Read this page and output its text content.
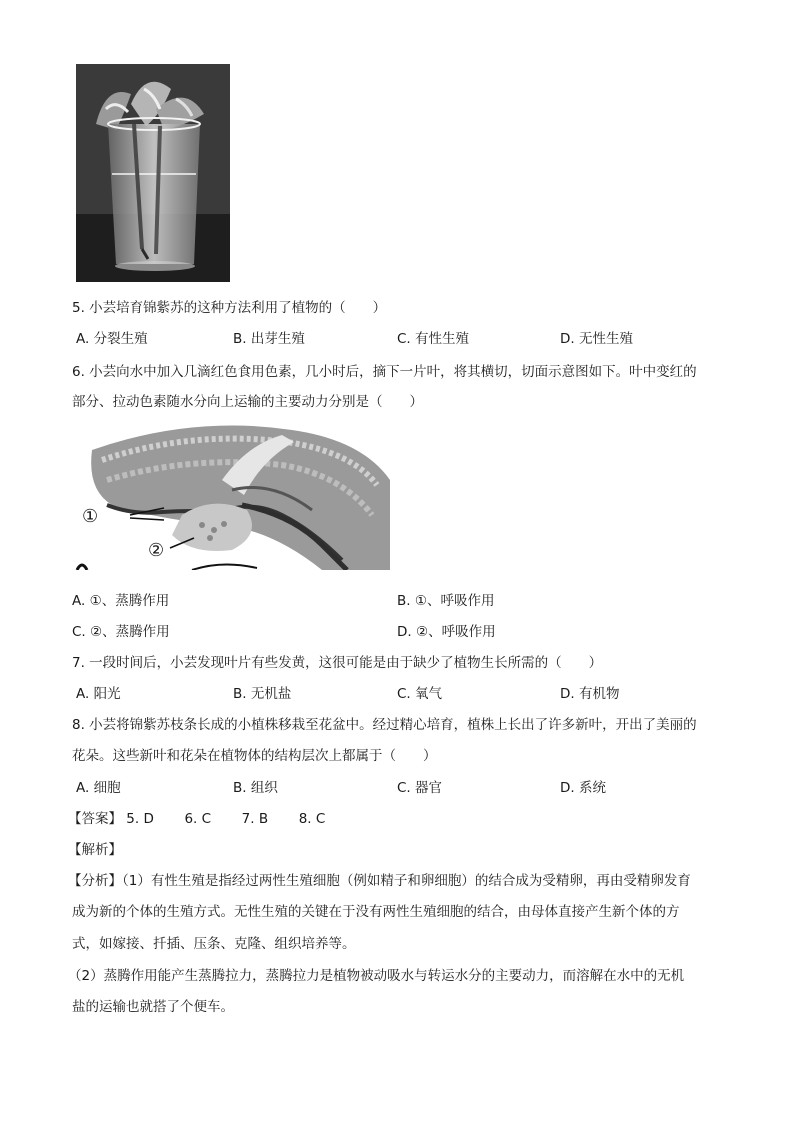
5. 小芸培育锦紫苏的这种方法利用了植物的（　　）
A. 分裂生殖	B. 出芽生殖	C. 有性生殖	D. 无性生殖
6. 小芸向水中加入几滴红色食用色素，几小时后，摘下一片叶，将其横切，切面示意图如下。叶中变红的
部分、拉动色素随水分向上运输的主要动力分别是（　　）
①
②
A. ①、蒸腾作用	B. ①、呼吸作用
C. ②、蒸腾作用	D. ②、呼吸作用
7. 一段时间后，小芸发现叶片有些发黄，这很可能是由于缺少了植物生长所需的（　　）
A. 阳光	B. 无机盐	C. 氧气	D. 有机物
8. 小芸将锦紫苏枝条长成的小植株移栽至花盆中。经过精心培育，植株上长出了许多新叶，开出了美丽的
花朵。这些新叶和花朵在植物体的结构层次上都属于（　　）
A. 细胞	B. 组织	C. 器官	D. 系统
【答案】 5. D 6. C 7. B 8. C
【解析】
【分析】（1）有性生殖是指经过两性生殖细胞（例如精子和卵细胞）的结合成为受精卵，再由受精卵发育
成为新的个体的生殖方式。无性生殖的关键在于没有两性生殖细胞的结合，由母体直接产生新个体的方
式，如嫁接、扦插、压条、克隆、组织培养等。
（2）蒸腾作用能产生蒸腾拉力，蒸腾拉力是植物被动吸水与转运水分的主要动力，而溶解在水中的无机
盐的运输也就搭了个便车。
